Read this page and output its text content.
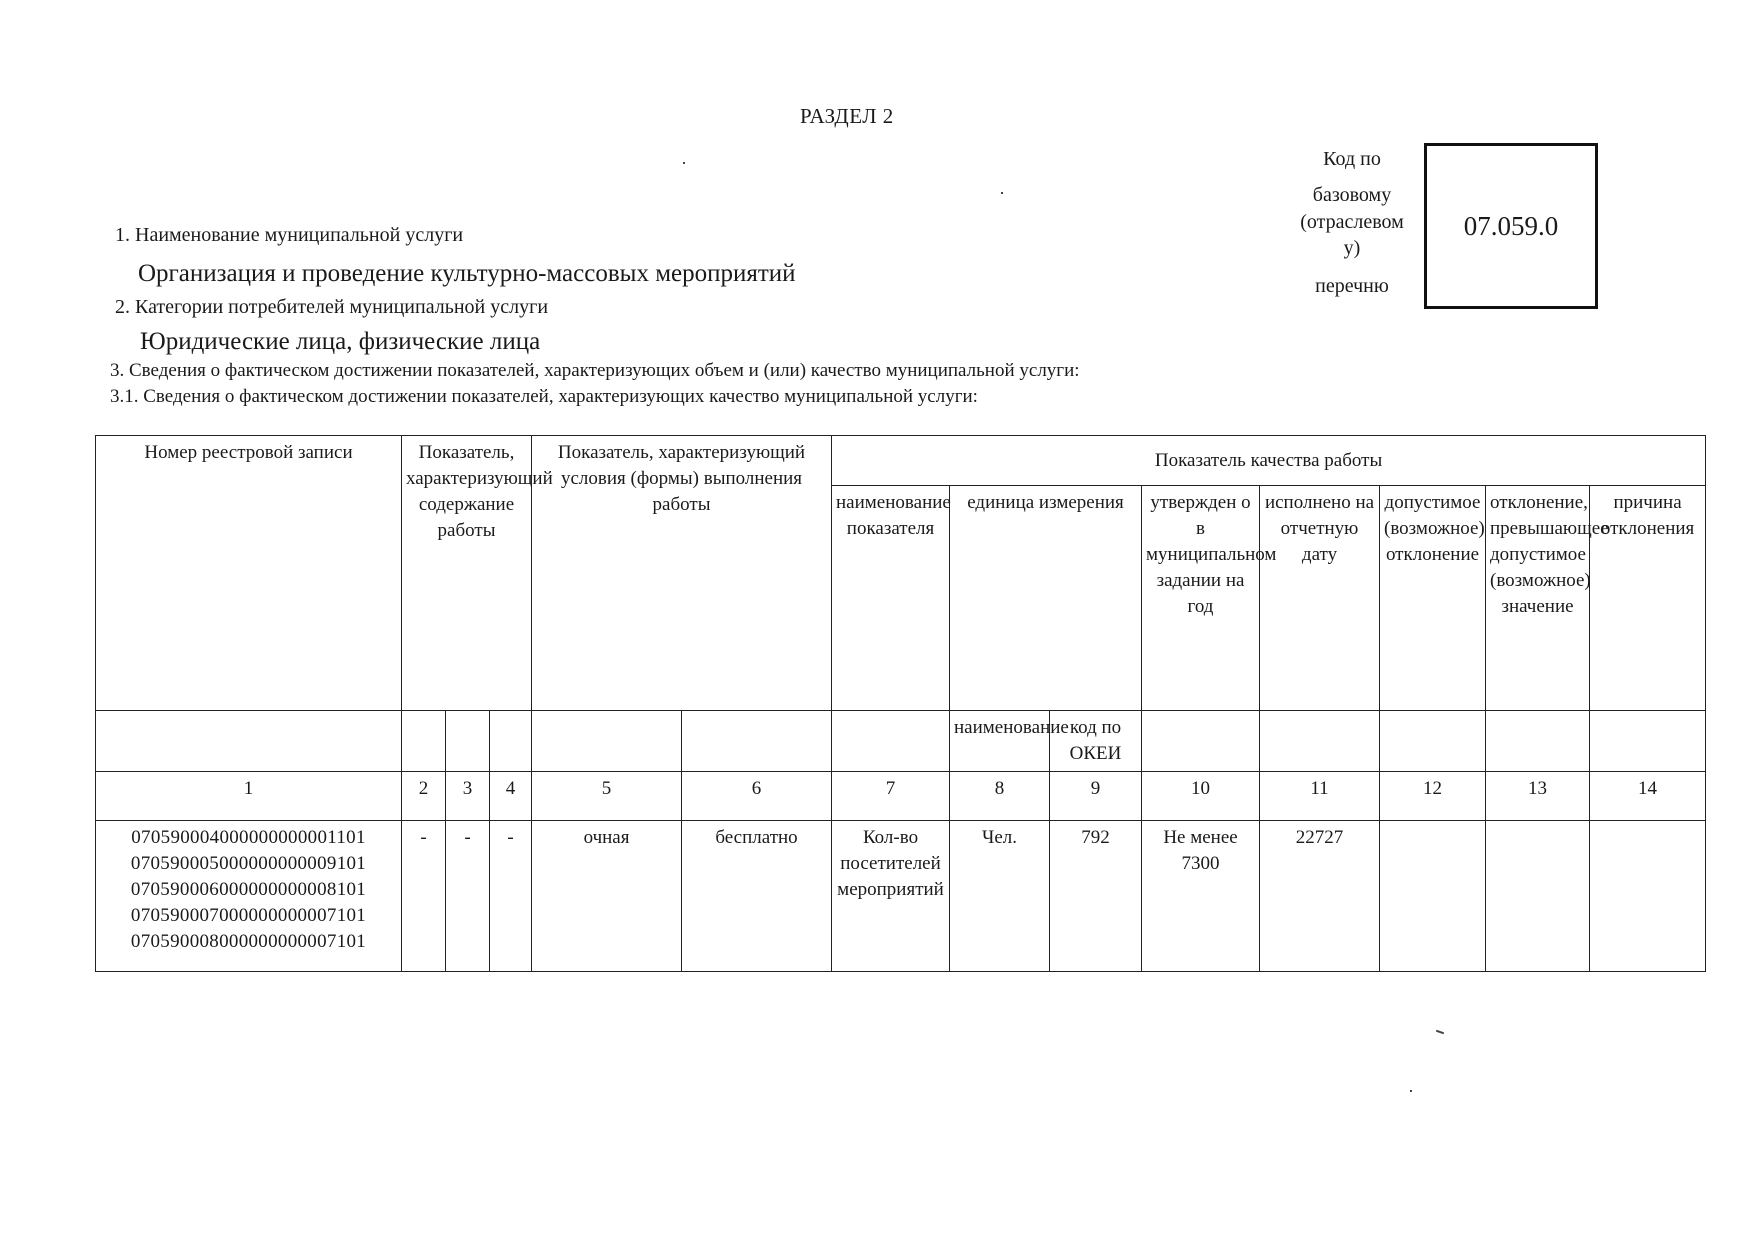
РАЗДЕЛ 2
Код по
базовому
(отраслевом
у)
перечню
07.059.0
1. Наименование муниципальной услуги
Организация и проведение культурно-массовых мероприятий
2. Категории потребителей муниципальной услуги
Юридические лица, физические лица
3. Сведения о фактическом достижении показателей, характеризующих объем и (или) качество муниципальной услуги:
3.1. Сведения о фактическом достижении показателей, характеризующих качество муниципальной услуги:
Номер реестровой записи	Показатель, характеризующий содержание работы			Показатель, характеризующий условия (формы) выполнения работы		Показатель качества работы							
						наименование показателя	единица измерения		утвержден о в муниципальном задании на год	исполнено на отчетную дату	допустимое (возможное) отклонение	отклонение, превышающее допустимое (возможное) значение	причина отклонения
							наименование	код по ОКЕИ					
1	2	3	4	5	6	7	8	9	10	11	12	13	14

070590004000000000001101
070590005000000000009101
070590006000000000008101
070590007000000000007101
070590008000000000007101	-	-	-	очная	бесплатно	Кол-во посетителей мероприятий	Чел.	792	Не менее 7300	22727			
